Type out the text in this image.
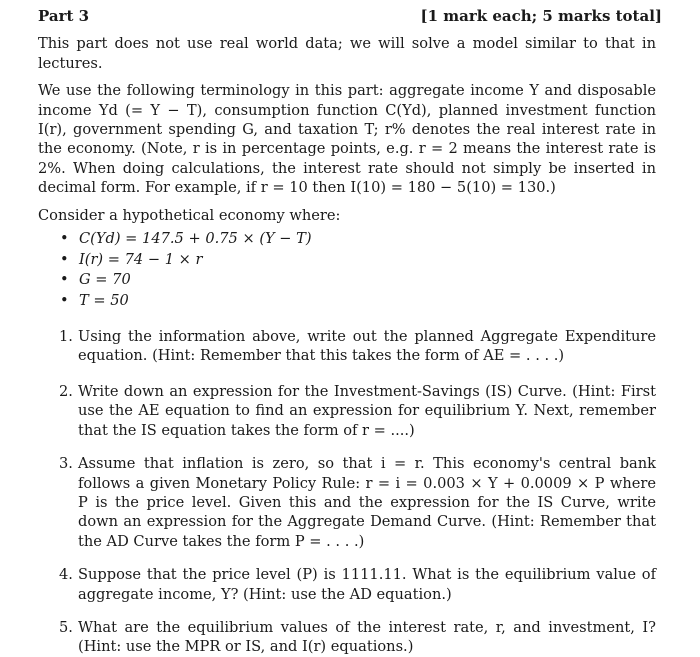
Part 3	[1 mark each; 5 marks total]

This part does not use real world data; we will solve a model similar to that in lectures.

We use the following terminology in this part: aggregate income Y and disposable income Yd (= Y − T), consumption function C(Yd), planned investment function I(r), government spending G, and taxation T; r% denotes the real interest rate in the economy. (Note, r is in percentage points, e.g. r = 2 means the interest rate is 2%. When doing calculations, the interest rate should not simply be inserted in decimal form. For example, if r = 10 then I(10) = 180 − 5(10) = 130.)

Consider a hypothetical economy where:

• C(Yd) = 147.5 + 0.75 × (Y − T)
• I(r) = 74 − 1 × r
• G = 70
• T = 50
1. Using the information above, write out the planned Aggregate Expenditure equation. (Hint: Remember that this takes the form of AE = . . . .)
2. Write down an expression for the Investment-Savings (IS) Curve. (Hint: First use the AE equation to find an expression for equilibrium Y. Next, remember that the IS equation takes the form of r = ....)
3. Assume that inflation is zero, so that i = r. This economy's central bank follows a given Monetary Policy Rule: r = i = 0.003 × Y + 0.0009 × P where P is the price level. Given this and the expression for the IS Curve, write down an expression for the Aggregate Demand Curve. (Hint: Remember that the AD Curve takes the form P = . . . .)
4. Suppose that the price level (P) is 1111.11. What is the equilibrium value of aggregate income, Y? (Hint: use the AD equation.)
5. What are the equilibrium values of the interest rate, r, and investment, I? (Hint: use the MPR or IS, and I(r) equations.)
